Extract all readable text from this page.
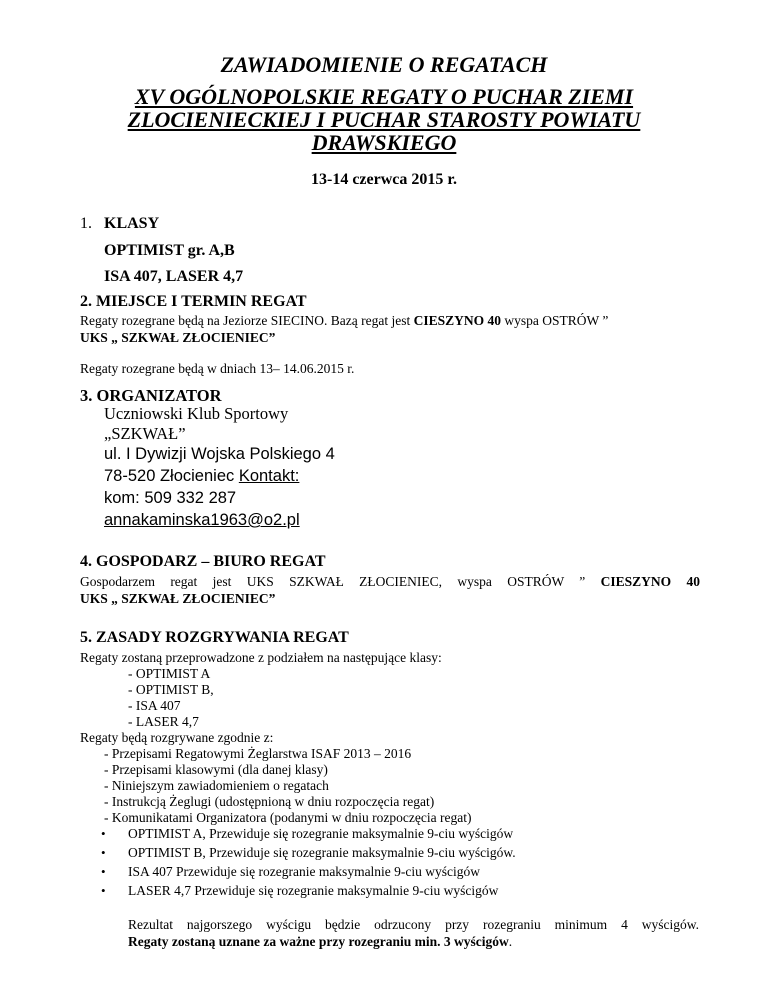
ZAWIADOMIENIE O REGATACH
XV OGÓLNOPOLSKIE REGATY O PUCHAR ZIEMI
ZLOCIENIECKIEJ I PUCHAR STAROSTY POWIATU
DRAWSKIEGO
13-14 czerwca 2015 r.
1. KLASY
OPTIMIST gr. A,B
ISA 407, LASER 4,7
2. MIEJSCE I TERMIN REGAT
Regaty rozegrane będą na Jeziorze SIECINO. Bazą regat jest CIESZYNO 40 wyspa OSTRÓW ”
UKS „ SZKWAŁ ZŁOCIENIEC”
Regaty rozegrane będą w dniach 13– 14.06.2015 r.
3. ORGANIZATOR
Uczniowski Klub Sportowy
„SZKWAŁ”
ul. I Dywizji Wojska Polskiego 4
78-520 Złocieniec Kontakt:
kom: 509 332 287
annakaminska1963@o2.pl
4. GOSPODARZ – BIURO REGAT
Gospodarzem regat jest UKS SZKWAŁ ZŁOCIENIEC, wyspa OSTRÓW ” CIESZYNO 40
UKS „ SZKWAŁ ZŁOCIENIEC”
5. ZASADY ROZGRYWANIA REGAT
Regaty zostaną przeprowadzone z podziałem na następujące klasy:
- OPTIMIST A
- OPTIMIST B,
- ISA 407
- LASER 4,7
Regaty będą rozgrywane zgodnie z:
- Przepisami Regatowymi Żeglarstwa ISAF 2013 – 2016
- Przepisami klasowymi (dla danej klasy)
- Niniejszym zawiadomieniem o regatach
- Instrukcją Żeglugi (udostępnioną w dniu rozpoczęcia regat)
- Komunikatami Organizatora (podanymi w dniu rozpoczęcia regat)
• OPTIMIST A, Przewiduje się rozegranie maksymalnie 9-ciu wyścigów
• OPTIMIST B, Przewiduje się rozegranie maksymalnie 9-ciu wyścigów.
• ISA 407 Przewiduje się rozegranie maksymalnie 9-ciu wyścigów
• LASER 4,7 Przewiduje się rozegranie maksymalnie 9-ciu wyścigów
Rezultat najgorszego wyścigu będzie odrzucony przy rozegraniu minimum 4 wyścigów.
Regaty zostaną uznane za ważne przy rozegraniu min. 3 wyścigów.
